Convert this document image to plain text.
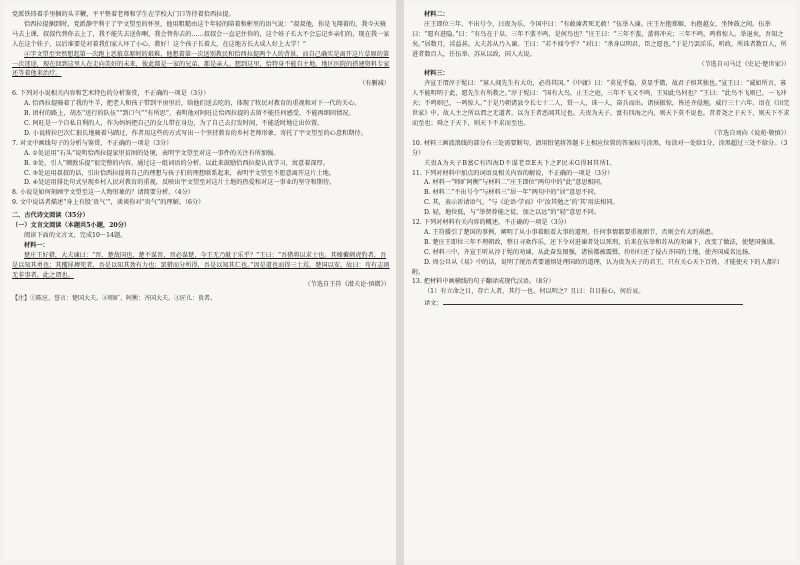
党派铁铸着手里捆的头羊鞭，平平整着老师和学生在学校大门口等待着恰西拉提。

恰西拉提捆到时，党派静宇利于了宇文望至的怀里，他用粗糙由这个年轻的陪着和彬里的语气说：“叔叔他，你是飞翔着的，我今天骑马去上课，叔叔代替你去上了，我不能失去送你啊，我会替你去的……叔叔会一直记住你的，这个娃子长大不会忘记乡亲们的，现在我一家人在这个娃子，以后谁要是对着我们家人坏了小心，教好！这个孩子长着大，在这地方长大成人好上大学！”

④字文望至突然想起第一次跑上恶狼草原时的艰难，他想着第一次送别教民和恰西拉提两个人的背景，而自己确实是离开这片草原的第一次迷途，现在回到这里人在走向美好的未来，彼此都是一家的兄弟，都是亲人。想到这里，恰特身不能自主地，地区医院的搭建资料专家还等着他来治疗。

（有删减）

6. 下列对小说相关内容和艺术特色的分析鉴赏，不正确的一项是（3分）

A. 恰西拉提骑着了我的牛羊，把老人和孩子带到平房里后，给他们送去吃的，体现了牧民对教育的重视和对下一代的关心。

B. 团村的路上，胡杰“送行的队伍”“到口气”“有所思”，表明他对阿旺让恰西拉提的去留不能任何感受，不能再细问情况。

C. 阿旺是一个自私自利的人，作为妈妈把自己的女儿带在身边，为了自己去打发时间，不能适时地让出位置。

D. 小说将拉巴次仁狠长地骑着马踏过，作者用这些的方式写出一个坚持教育的乡村老师形象，寄托了宇文望至的心意和期待。

7. 对文中画线句子的分析与鉴赏，不正确的一项是（3分）

A. ①处运用“石头”说明恰西拉提家里贫困的处境，表明宇文望至对这一事件的关注有所加强。

B. ②处，引人“额敦乐提”很完整的内容，通过这一组词语的分析，以此来鼓励恰西拉提认真学习，寓意着深厚。

C. ③处运用叔叔的话，引出恰西拉提将自己的理想与孩子们的理想联系起来，表明宇文望至不愿意离开这片土地。

D. ④处运用排比句式呈现乡村人民对教育的重视，反映出宇文望至对这片土地的热爱和对这一事业的坚守和期待。

8. 小说是如何刻画宇文望至这一人物形象的？请简要分析。（4分）

9. 文中说话者描述“身上有股‘贵气’”，谈谈你对“贵气”的理解。（6分）

二、古代诗文阅读（35分）

（一）文言文阅读（本题共5小题，20分）

阅读下面的文言文，完成10～14题。

材料一：

楚庄王好猎，大夫谏曰：“晋、楚敌国也，楚不谋晋，晋必谋楚，今王无乃耽于乐乎？”王曰：“吾猎将以求士也。其榛藂刺虎豹者，吾是以知其勇也；其攫犀搏兕者，吾是以知其劲有力也；罢猎而分所得，吾是以知其仁也。”因是道也而得三士焉，楚国以安。故曰：苟有志则无非事者。此之谓也。

（节选自王符《潜夫论·慎微》）

【注】①陈应、誉言：楚国大夫。②师旷、阿衡：齐国大夫。③匠儿：贵者。

材料二：

庄王即位三年，不出号令，日夜为乐，令国中曰：“有敢谏者死无赦！”伍举入谏。庄王左抱郑姬，右抱越女，坐钟鼓之间。伍举曰：“愿有进隐。”曰：“有鸟在于阜，三年不蜚不鸣，是何鸟也？”庄王曰：“三年不蜚，蜚将冲天；三年不鸣，鸣将惊人。举退矣，吾知之矣。”居数月，淫益甚。大夫苏从乃入谏。王曰：“若不闻令乎？”对曰：“杀身以明君，臣之愿也。”于是乃罢淫乐，听政，所诛者数百人，所进者数百人，任伍举、苏从以政，国人大说。

（节选自司马迁《史记·楚世家》）

材料三：

齐宣王谓淳于髡曰：“寡人闻先生有大功，必得其国。”《中庸》曰：“莫见乎隐，莫显乎微，故君子慎其独也。”宣王曰：“诚如所言，寡人不能明明于此，愿先生有所教之。”淳于髡曰：“国有大鸟，止王之庭，三年不飞又不鸣，王知此鸟何也？”王曰：“此鸟不飞则已，一飞冲天；不鸣则已，一鸣惊人。”于是乃朝诸县令长七十二人，赏一人，诛一人，奋兵而出。诸侯振惊，皆还齐侵地。威行三十六年。语在《田完世家》中。故人主之所以谓之无道者，以为王者恶闻其过也。夫贵为天子，富有四海之内，则天下莫不说也。昔者尧之于天下，则天下不求而至也；舜之于天下，则天下不求而至也。

（节选自刘向《说苑·敬慎》）

10. 材料三画波浪线的部分有三处需要断句，请用铅笔将答题卡上相应位置的答案标号涂黑，每涂对一处给1分，涂黑超过三处不给分。（3分）

夫贵A为天子B富C有四海D不谋老臣E天下之F民未G得H其所I。

11. 下列对材料中加点的词语及相关内容的解说，不正确的一项是（3分）

A. 材料一“师旷阿衡”与材料二“庄王即位”两句中的“此”意思相同。

B. 材料二“不出号令”与材料三“居一年”两句中的“居”意思不同。

C. 其，表示祈请语气，“与《论语·学而》中‘汝其勉之’的‘其’用法相同。

D. 轻，地位低，与“举贤荐能之徒，加之以远”的“轻”意思不同。

12. 下列对材料有关内容的概述，不正确的一项是（3分）

A. 王符援引了楚国的事例，阐明了从小事着眼看大事的道理，任何事情都要重视细节，否则会有大的祸患。

B. 楚庄王即位三年不理朝政，整日寻欢作乐，还下令对进谏者处以死刑，后来在伍举和苏从的劝谏下，改变了做法，使楚国强盛。

C. 材料三中，齐宣王听从淳于髡的劝谏，从此奋发图强，诸侯都被震慑，纷纷归还了侵占齐国的土地，使齐国威名远扬。

D. 周公旦从《易》中的话，说明了统治者要谨慎处理国政的道理，认为贵为天子的君王，只有关心天下百姓，才能使天下的人都归附。

13. 把材料中画横线的句子翻译成现代汉语。（8分）

（1）有立命之日，存亡人者，其行一也，何以明之？且曰：自目报心，何后哀。

译文：
